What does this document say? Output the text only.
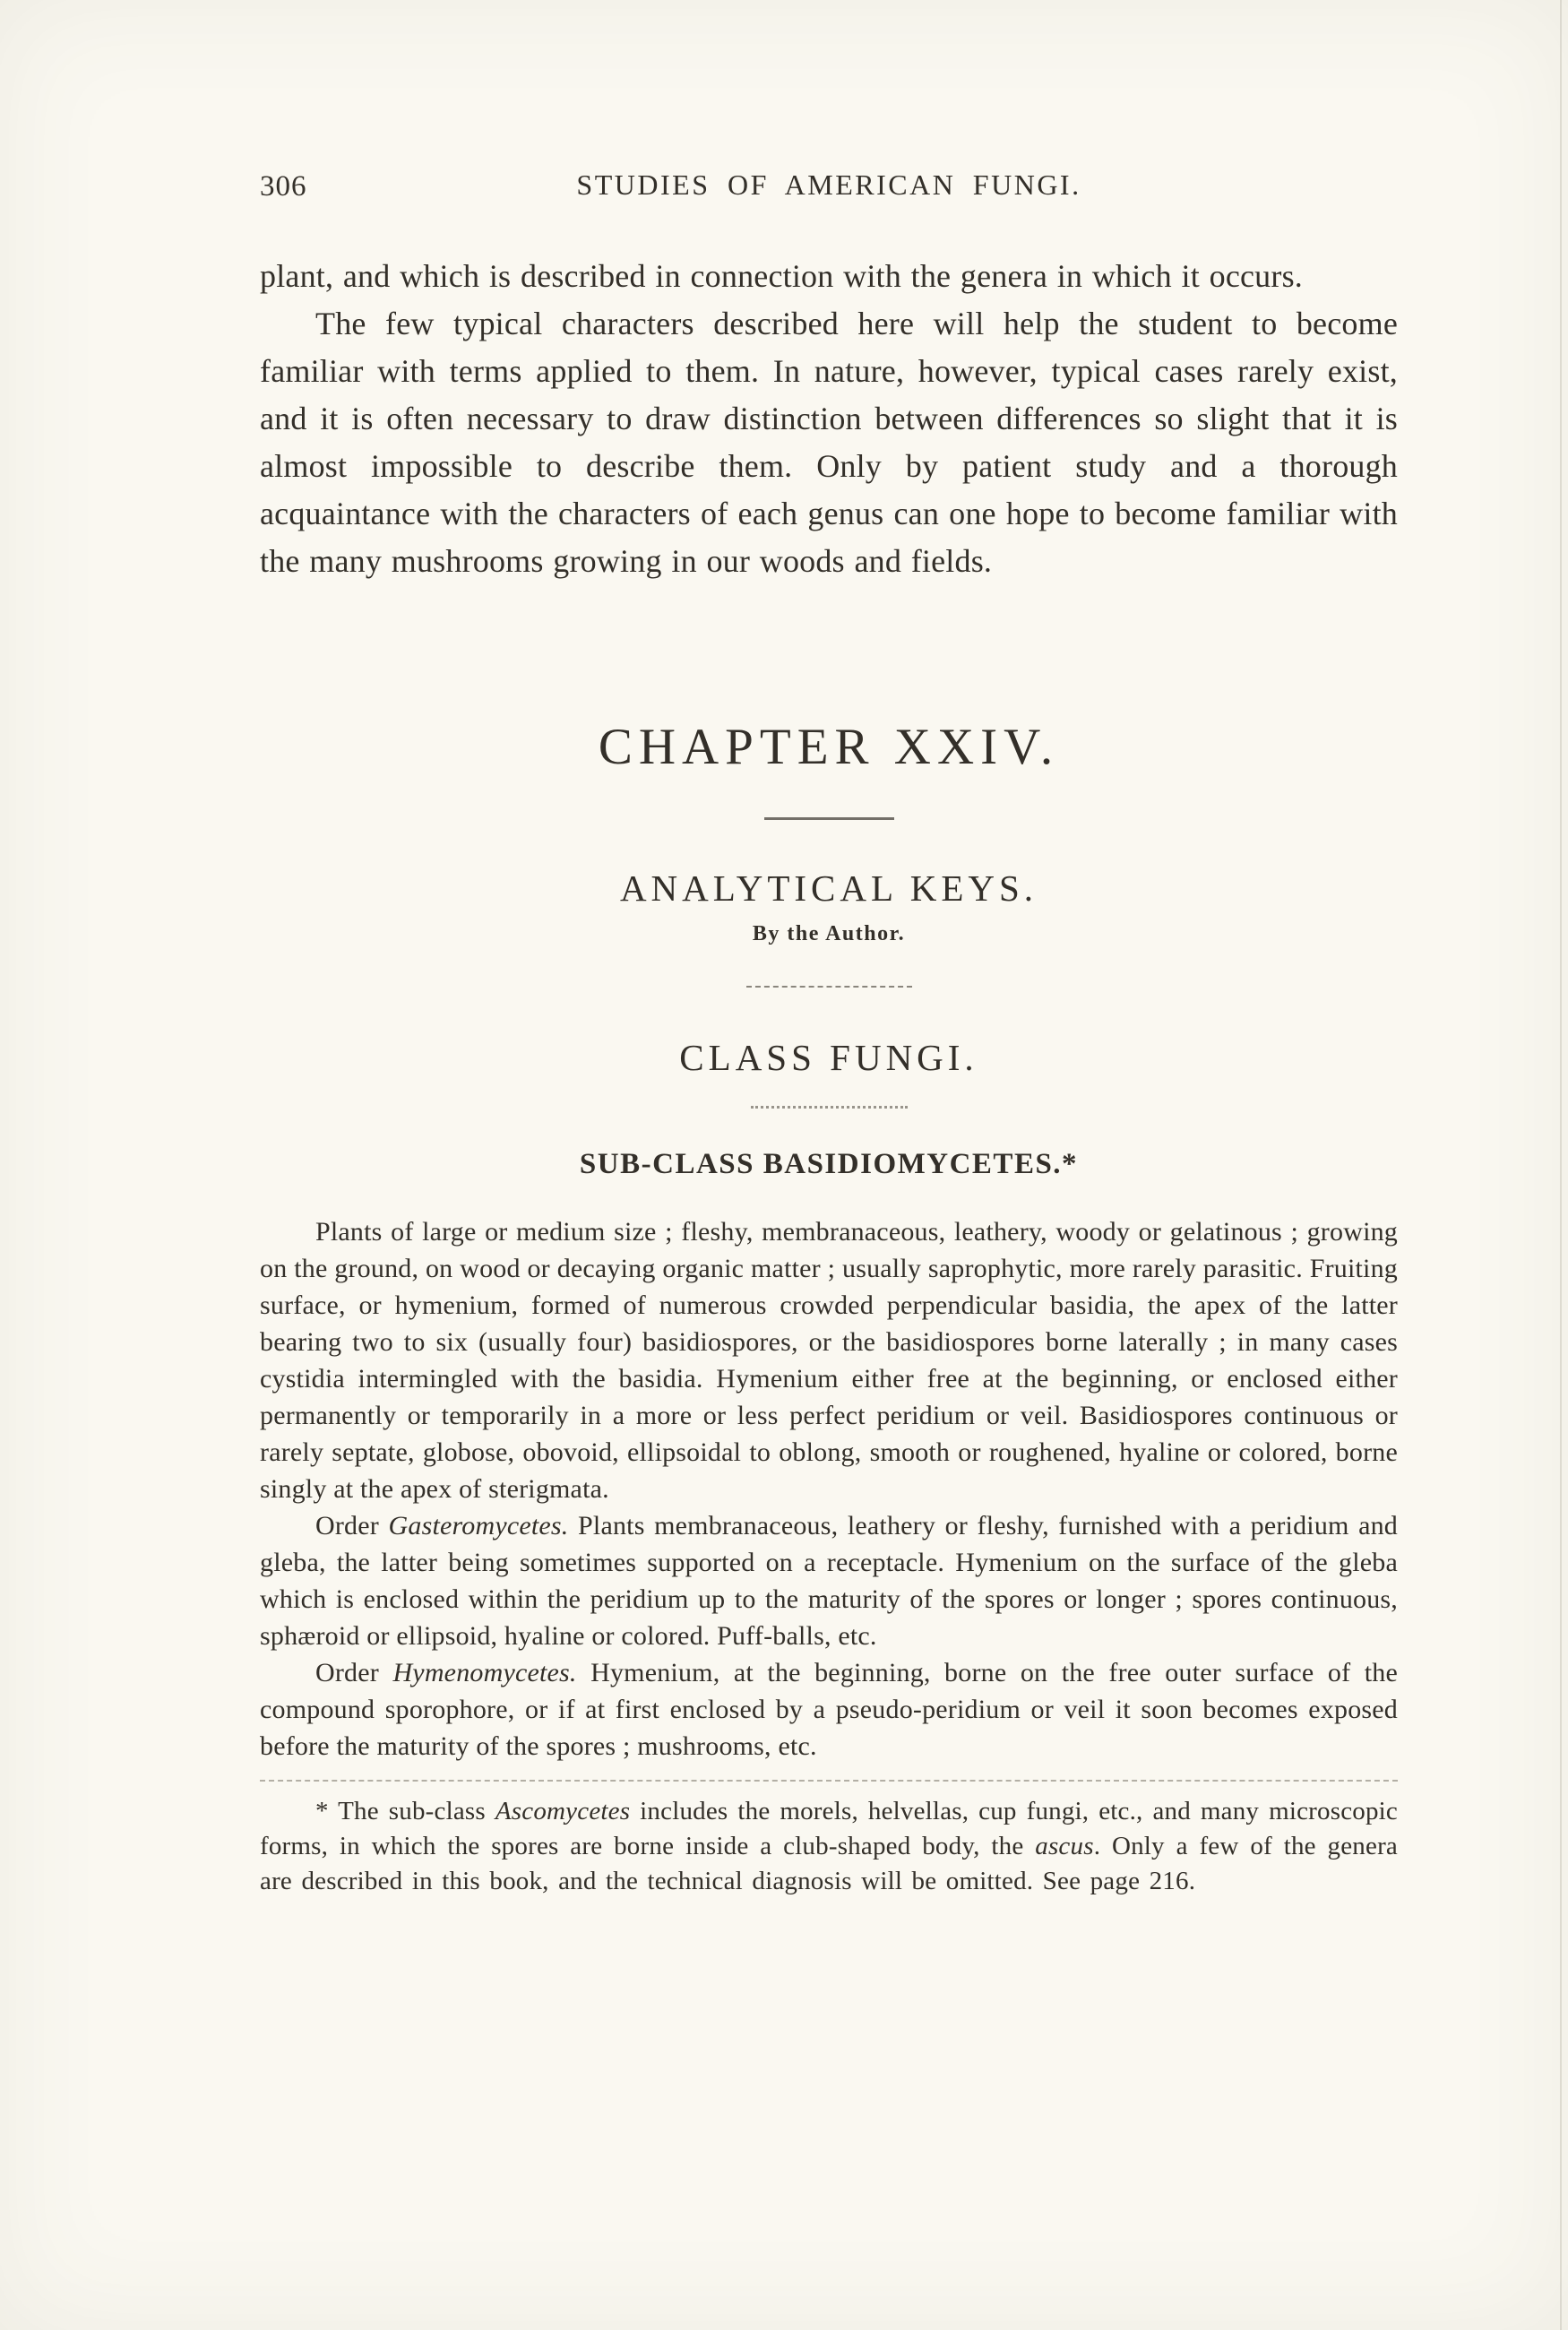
306	STUDIES OF AMERICAN FUNGI.

plant, and which is described in connection with the genera in which it occurs.

The few typical characters described here will help the student to become familiar with terms applied to them. In nature, however, typical cases rarely exist, and it is often necessary to draw distinction between differences so slight that it is almost impossible to describe them. Only by patient study and a thorough acquaintance with the characters of each genus can one hope to become familiar with the many mushrooms growing in our woods and fields.

CHAPTER XXIV.
ANALYTICAL KEYS.
By the Author.
CLASS FUNGI.
SUB-CLASS BASIDIOMYCETES.*

Plants of large or medium size ; fleshy, membranaceous, leathery, woody or gelatinous ; growing on the ground, on wood or decaying organic matter ; usually saprophytic, more rarely parasitic. Fruiting surface, or hymenium, formed of numerous crowded perpendicular basidia, the apex of the latter bearing two to six (usually four) basidiospores, or the basidiospores borne laterally ; in many cases cystidia intermingled with the basidia. Hymenium either free at the beginning, or enclosed either permanently or temporarily in a more or less perfect peridium or veil. Basidiospores continuous or rarely septate, globose, obovoid, ellipsoidal to oblong, smooth or roughened, hyaline or colored, borne singly at the apex of sterigmata.

Order Gasteromycetes. Plants membranaceous, leathery or fleshy, furnished with a peridium and gleba, the latter being sometimes supported on a receptacle. Hymenium on the surface of the gleba which is enclosed within the peridium up to the maturity of the spores or longer ; spores continuous, sphæroid or ellipsoid, hyaline or colored. Puff-balls, etc.

Order Hymenomycetes. Hymenium, at the beginning, borne on the free outer surface of the compound sporophore, or if at first enclosed by a pseudo-peridium or veil it soon becomes exposed before the maturity of the spores ; mushrooms, etc.

* The sub-class Ascomycetes includes the morels, helvellas, cup fungi, etc., and many microscopic forms, in which the spores are borne inside a club-shaped body, the ascus. Only a few of the genera are described in this book, and the technical diagnosis will be omitted. See page 216.
